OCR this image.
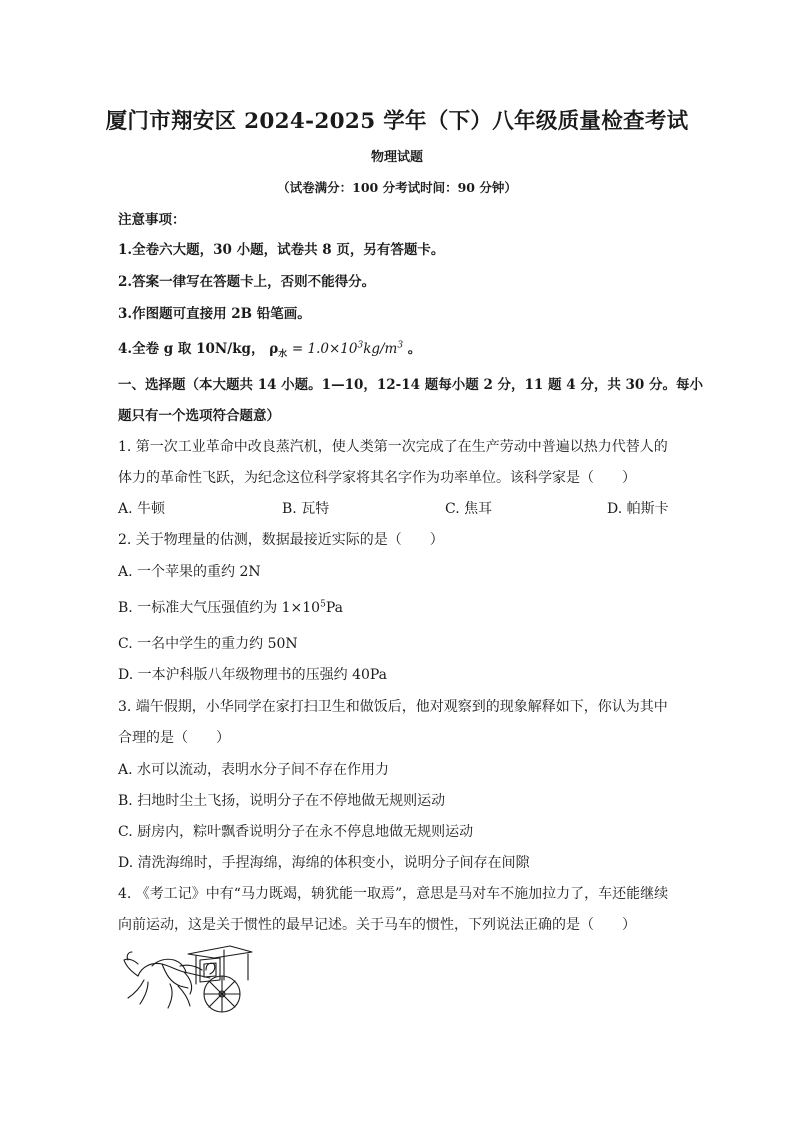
厦门市翔安区 2024-2025 学年（下）八年级质量检查考试
物理试题
（试卷满分：100 分考试时间：90 分钟）
注意事项：
1.全卷六大题，30 小题，试卷共 8 页，另有答题卡。
2.答案一律写在答题卡上，否则不能得分。
3.作图题可直接用 2B 铅笔画。
4.全卷 g 取 10N/kg， $\rho_水 = 1.0\times 10^3kg/m^3$ 。
一、选择题（本大题共 14 小题。1—10，12-14 题每小题 2 分，11 题 4 分，共 30 分。每小
题只有一个选项符合题意）
1. 第一次工业革命中改良蒸汽机，使人类第一次完成了在生产劳动中普遍以热力代替人的
体力的革命性飞跃，为纪念这位科学家将其名字作为功率单位。该科学家是（　　）
A. 牛顿	B. 瓦特	C. 焦耳	D. 帕斯卡
2. 关于物理量的估测，数据最接近实际的是（　　）
A. 一个苹果的重约 2N
B. 一标准大气压强值约为 $1\times 10^5Pa$
C. 一名中学生的重力约 50N
D. 一本沪科版八年级物理书的压强约 40Pa
3. 端午假期，小华同学在家打扫卫生和做饭后，他对观察到的现象解释如下，你认为其中
合理的是（　　）
A. 水可以流动，表明水分子间不存在作用力
B. 扫地时尘土飞扬，说明分子在不停地做无规则运动
C. 厨房内，粽叶飘香说明分子在永不停息地做无规则运动
D. 清洗海绵时，手捏海绵，海绵的体积变小，说明分子间存在间隙
4. 《考工记》中有“马力既竭，辀犹能一取焉”，意思是马对车不施加拉力了，车还能继续
向前运动，这是关于惯性的最早记述。关于马车的惯性，下列说法正确的是（　　）
